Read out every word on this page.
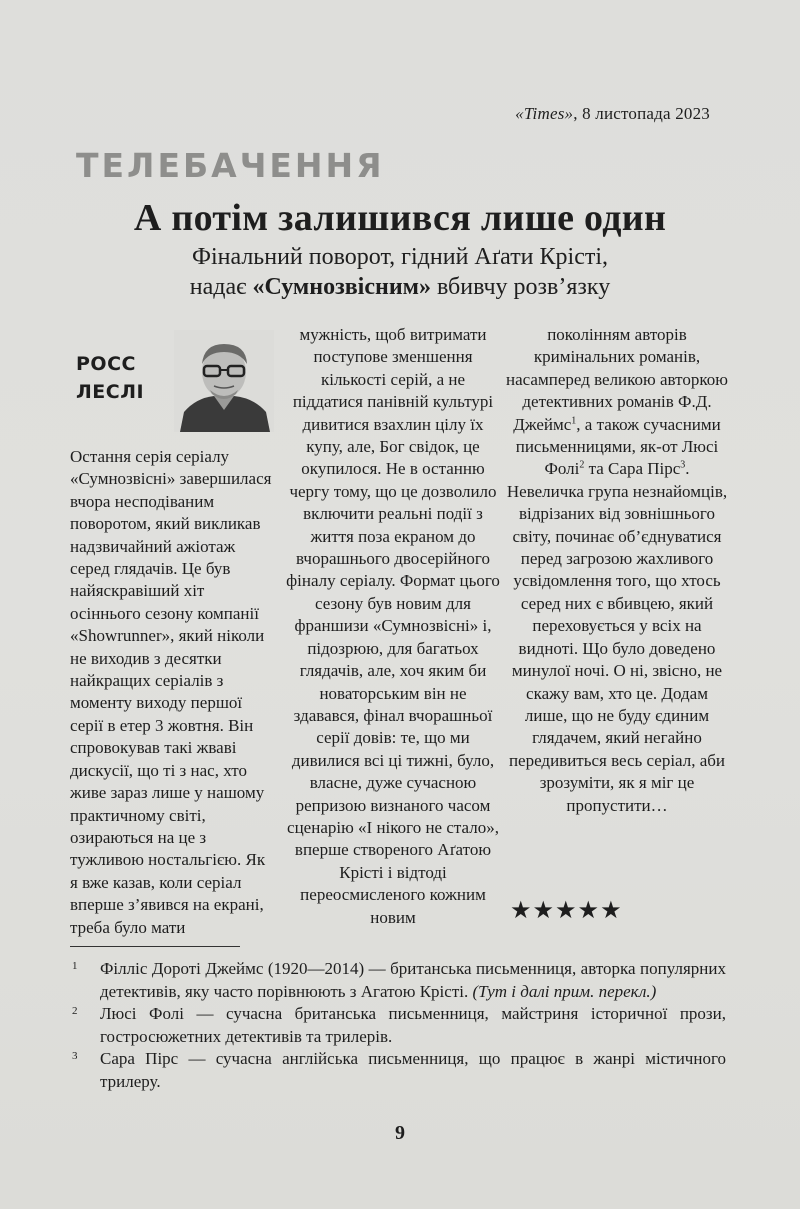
«Times», 8 листопада 2023
ТЕЛЕБАЧЕННЯ
А потім залишився лише один
Фінальний поворот, гідний Аґати Крісті,
надає «Сумнозвісним» вбивчу розв’язку
РОСС
ЛЕСЛІ

Остання серія серіалу «Сумнозвісні» завершилася вчора несподіваним поворотом, який викликав надзвичайний ажіотаж серед глядачів. Це був найяскравіший хіт осіннього сезону компанії «Showrunner», який ніколи не виходив з десятки найкращих серіалів з моменту виходу першої серії в етер 3 жовтня. Він спровокував такі жваві дискусії, що ті з нас, хто живе зараз лише у нашому практичному світі, озираються на це з тужливою ностальгією. Як я вже казав, коли серіал вперше з’явився на екрані, треба було мати

мужність, щоб витримати поступове зменшення кількості серій, а не піддатися панівній культурі дивитися взахлин цілу їх купу, але, Бог свідок, це окупилося. Не в останню чергу тому, що це дозволило включити реальні події з життя поза екраном до вчорашнього двосерійного фіналу серіалу. Формат цього сезону був новим для франшизи «Сумнозвісні» і, підозрюю, для багатьох глядачів, але, хоч яким би новаторським він не здавався, фінал вчорашньої серії довів: те, що ми дивилися всі ці тижні, було, власне, дуже сучасною репризою визнаного часом сценарію «І нікого не стало», вперше створеного Аґатою Крісті і відтоді переосмисленого кожним новим

поколінням авторів кримінальних романів, насамперед великою авторкою детективних романів Ф.Д. Джеймс$^1$, а також сучасними письменницями, як-от Люсі Фолі$^2$ та Сара Пірс$^3$. Невеличка група незнайомців, відрізаних від зовнішнього світу, починає об’єднуватися перед загрозою жахливого усвідомлення того, що хтось серед них є вбивцею, який переховується у всіх на видноті. Що було доведено минулої ночі. О ні, звісно, не скажу вам, хто це. Додам лише, що не буду єдиним глядачем, який негайно передивиться весь серіал, аби зрозуміти, як я міг це пропустити…

★★★★★

1 Філліс Дороті Джеймс (1920—2014) — британська письменниця, авторка популярних детективів, яку часто порівнюють з Агатою Крісті. (Тут і далі прим. перекл.)

2 Люсі Фолі — сучасна британська письменниця, майстриня історичної прози, гостросюжетних детективів та трилерів.

3 Сара Пірс — сучасна англійська письменниця, що працює в жанрі містичного трилеру.

9
